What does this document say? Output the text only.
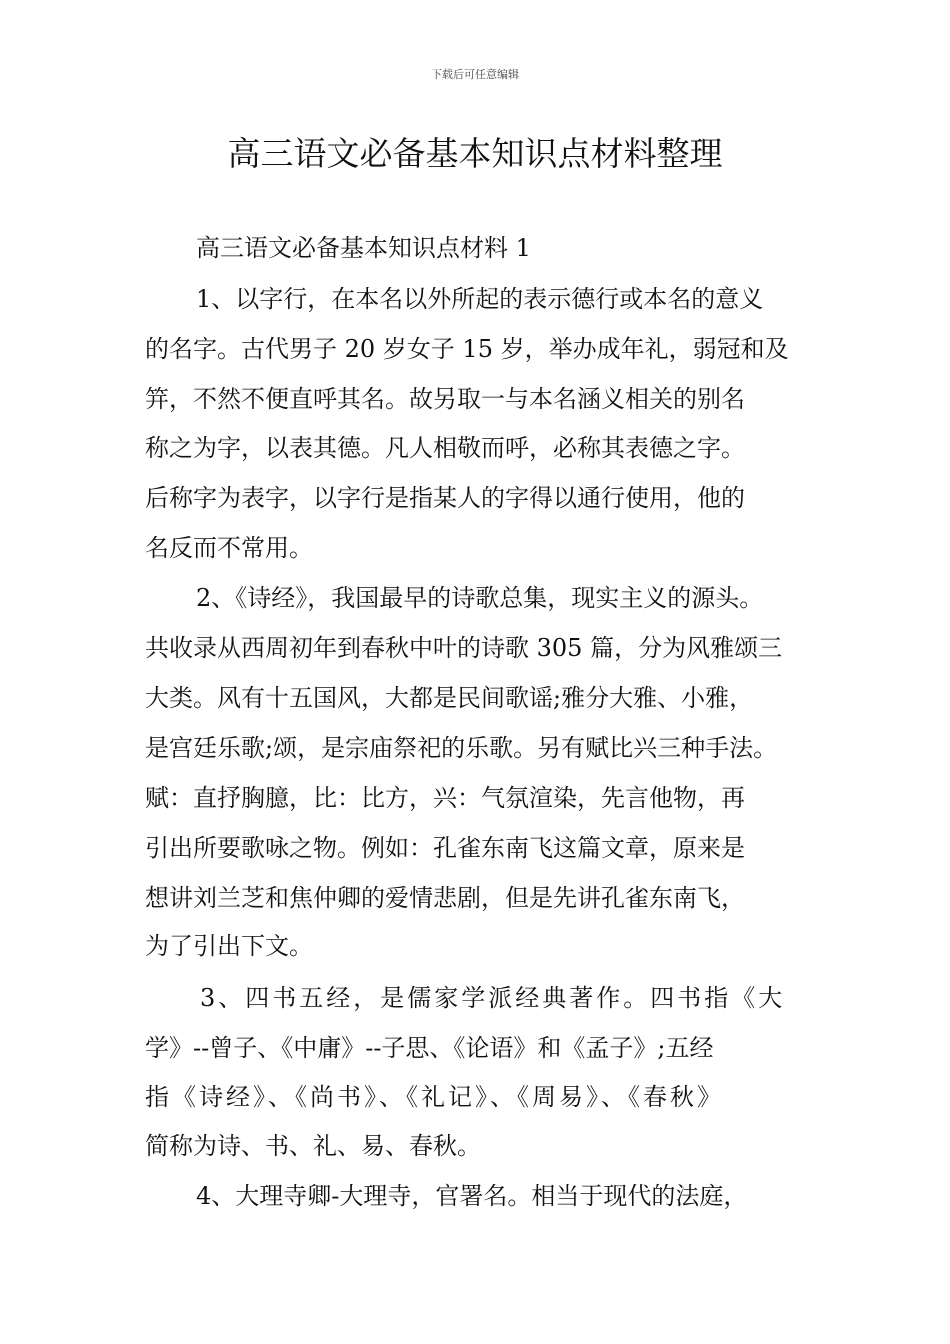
下载后可任意编辑
高三语文必备基本知识点材料整理
高三语文必备基本知识点材料 1
1、以字行，在本名以外所起的表示德行或本名的意义
的名字。古代男子 20 岁女子 15 岁，举办成年礼，弱冠和及
笄，不然不便直呼其名。故另取一与本名涵义相关的别名
称之为字，以表其德。凡人相敬而呼，必称其表德之字。
后称字为表字，以字行是指某人的字得以通行使用，他的
名反而不常用。
2、《诗经》，我国最早的诗歌总集，现实主义的源头。
共收录从西周初年到春秋中叶的诗歌 305 篇，分为风雅颂三
大类。风有十五国风，大都是民间歌谣;雅分大雅、小雅，
是宫廷乐歌;颂，是宗庙祭祀的乐歌。另有赋比兴三种手法。
赋：直抒胸臆，比：比方，兴：气氛渲染，先言他物，再
引出所要歌咏之物。例如：孔雀东南飞这篇文章，原来是
想讲刘兰芝和焦仲卿的爱情悲剧，但是先讲孔雀东南飞，
为了引出下文。
3、四书五经，是儒家学派经典著作。四书指《大
学》--曾子、《中庸》--子思、《论语》和《孟子》;五经
指《诗经》、《尚书》、《礼记》、《周易》、《春秋》
简称为诗、书、礼、易、春秋。
4、大理寺卿-大理寺，官署名。相当于现代的法庭，
